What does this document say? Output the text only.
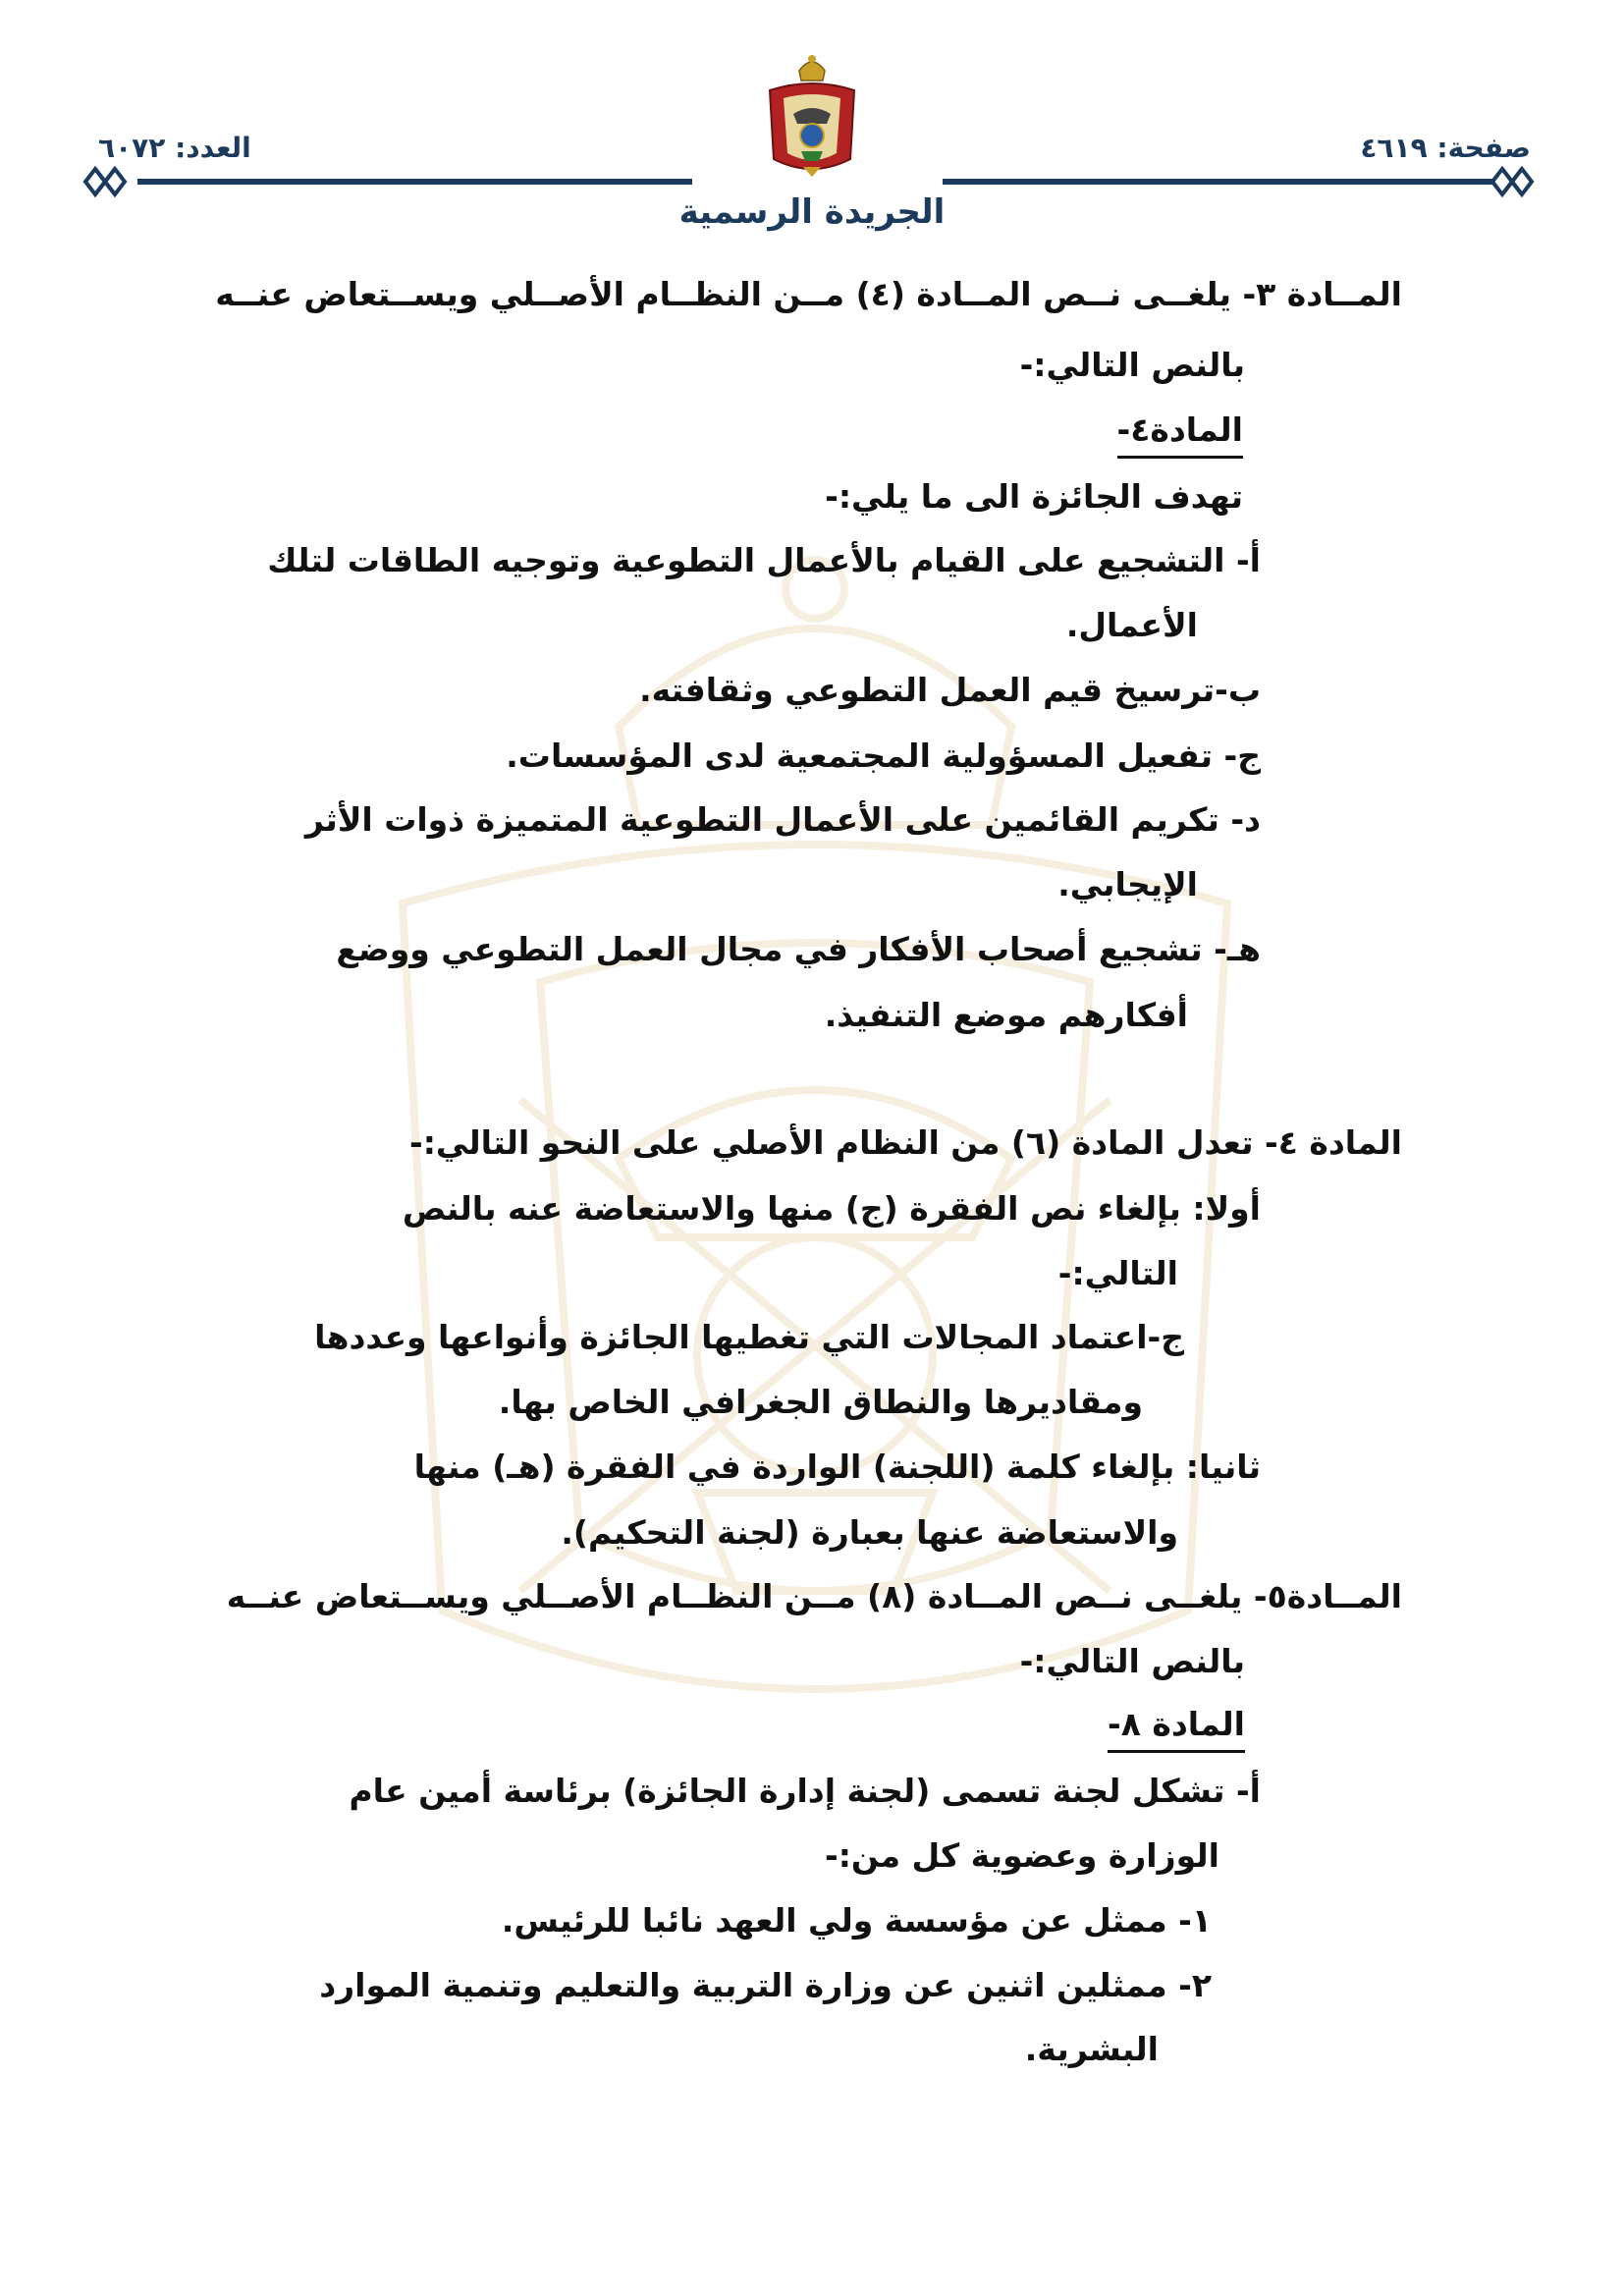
صفحة: ٤٦١٩
العدد: ٦٠٧٢
الجريدة الرسمية
المــادة ٣- يلغــى نــص المــادة (٤) مــن النظــام الأصــلي ويســتعاض عنــه
بالنص التالي:-
المادة٤-
تهدف الجائزة الى ما يلي:-
أ- التشجيع على القيام بالأعمال التطوعية وتوجيه الطاقات لتلك
الأعمال.
ب-ترسيخ قيم العمل التطوعي وثقافته.
ج- تفعيل المسؤولية المجتمعية لدى المؤسسات.
د- تكريم القائمين على الأعمال التطوعية المتميزة ذوات الأثر
الإيجابي.
هـ- تشجيع أصحاب الأفكار في مجال العمل التطوعي ووضع
أفكارهم موضع التنفيذ.
المادة ٤- تعدل المادة (٦) من النظام الأصلي على النحو التالي:-
أولا: بإلغاء نص الفقرة (ج) منها والاستعاضة عنه بالنص
التالي:-
ج-اعتماد المجالات التي تغطيها الجائزة وأنواعها وعددها
ومقاديرها والنطاق الجغرافي الخاص بها.
ثانيا: بإلغاء كلمة (اللجنة) الواردة في الفقرة (هـ) منها
والاستعاضة عنها بعبارة (لجنة التحكيم).
المــادة٥- يلغــى نــص المــادة (٨) مــن النظــام الأصــلي ويســتعاض عنــه
بالنص التالي:-
المادة ٨-
أ- تشكل لجنة تسمى (لجنة إدارة الجائزة) برئاسة أمين عام
الوزارة وعضوية كل من:-
١- ممثل عن مؤسسة ولي العهد نائبا للرئيس.
٢- ممثلين اثنين عن وزارة التربية والتعليم وتنمية الموارد
البشرية.
